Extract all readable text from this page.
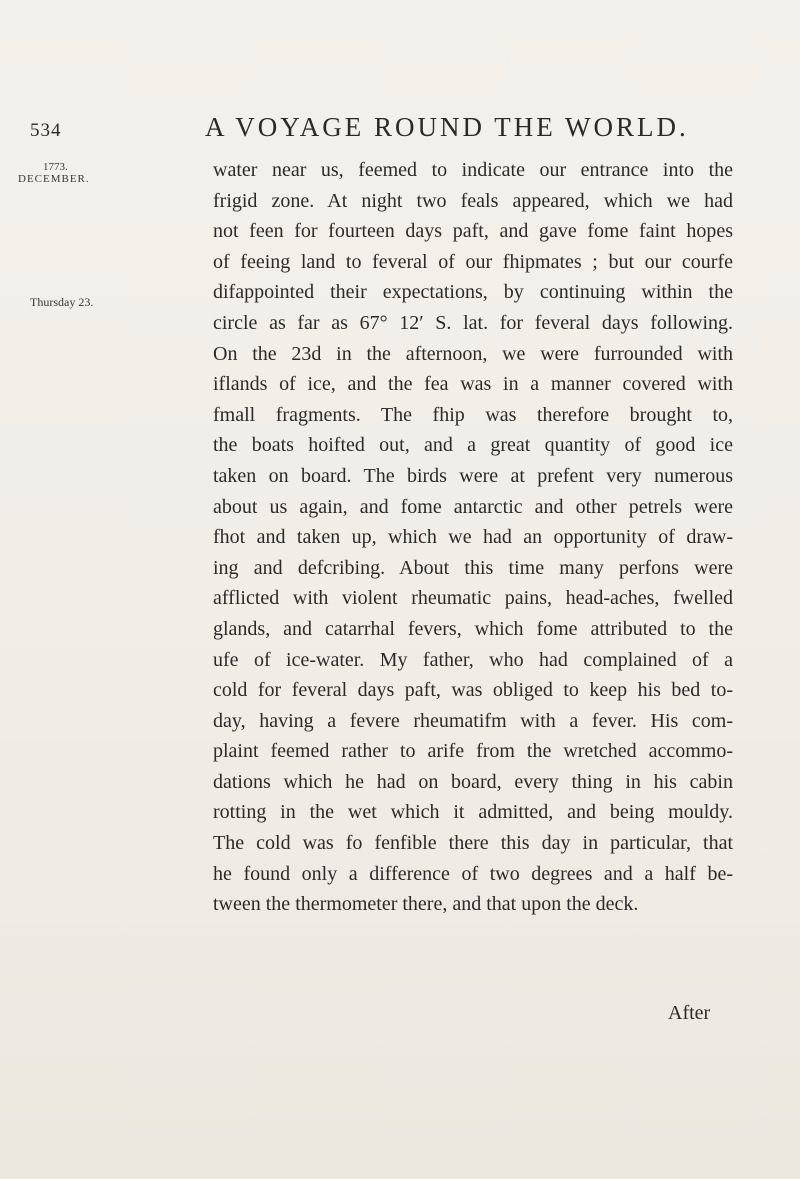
534	A VOYAGE ROUND THE WORLD.
1773.
DECEMBER.
Thursday 23.
water near us, feemed to indicate our entrance into the
frigid zone. At night two feals appeared, which we had
not feen for fourteen days paft, and gave fome faint hopes
of feeing land to feveral of our fhipmates ; but our courfe
difappointed their expectations, by continuing within the
circle as far as 67° 12′ S. lat. for feveral days following.
On the 23d in the afternoon, we were furrounded with
iflands of ice, and the fea was in a manner covered with
fmall fragments. The fhip was therefore brought to,
the boats hoifted out, and a great quantity of good ice
taken on board. The birds were at prefent very numerous
about us again, and fome antarctic and other petrels were
fhot and taken up, which we had an opportunity of draw-
ing and defcribing. About this time many perfons were
afflicted with violent rheumatic pains, head-aches, fwelled
glands, and catarrhal fevers, which fome attributed to the
ufe of ice-water. My father, who had complained of a
cold for feveral days paft, was obliged to keep his bed to-
day, having a fevere rheumatifm with a fever. His com-
plaint feemed rather to arife from the wretched accommo-
dations which he had on board, every thing in his cabin
rotting in the wet which it admitted, and being mouldy.
The cold was fo fenfible there this day in particular, that
he found only a difference of two degrees and a half be-
tween the thermometer there, and that upon the deck.
After
